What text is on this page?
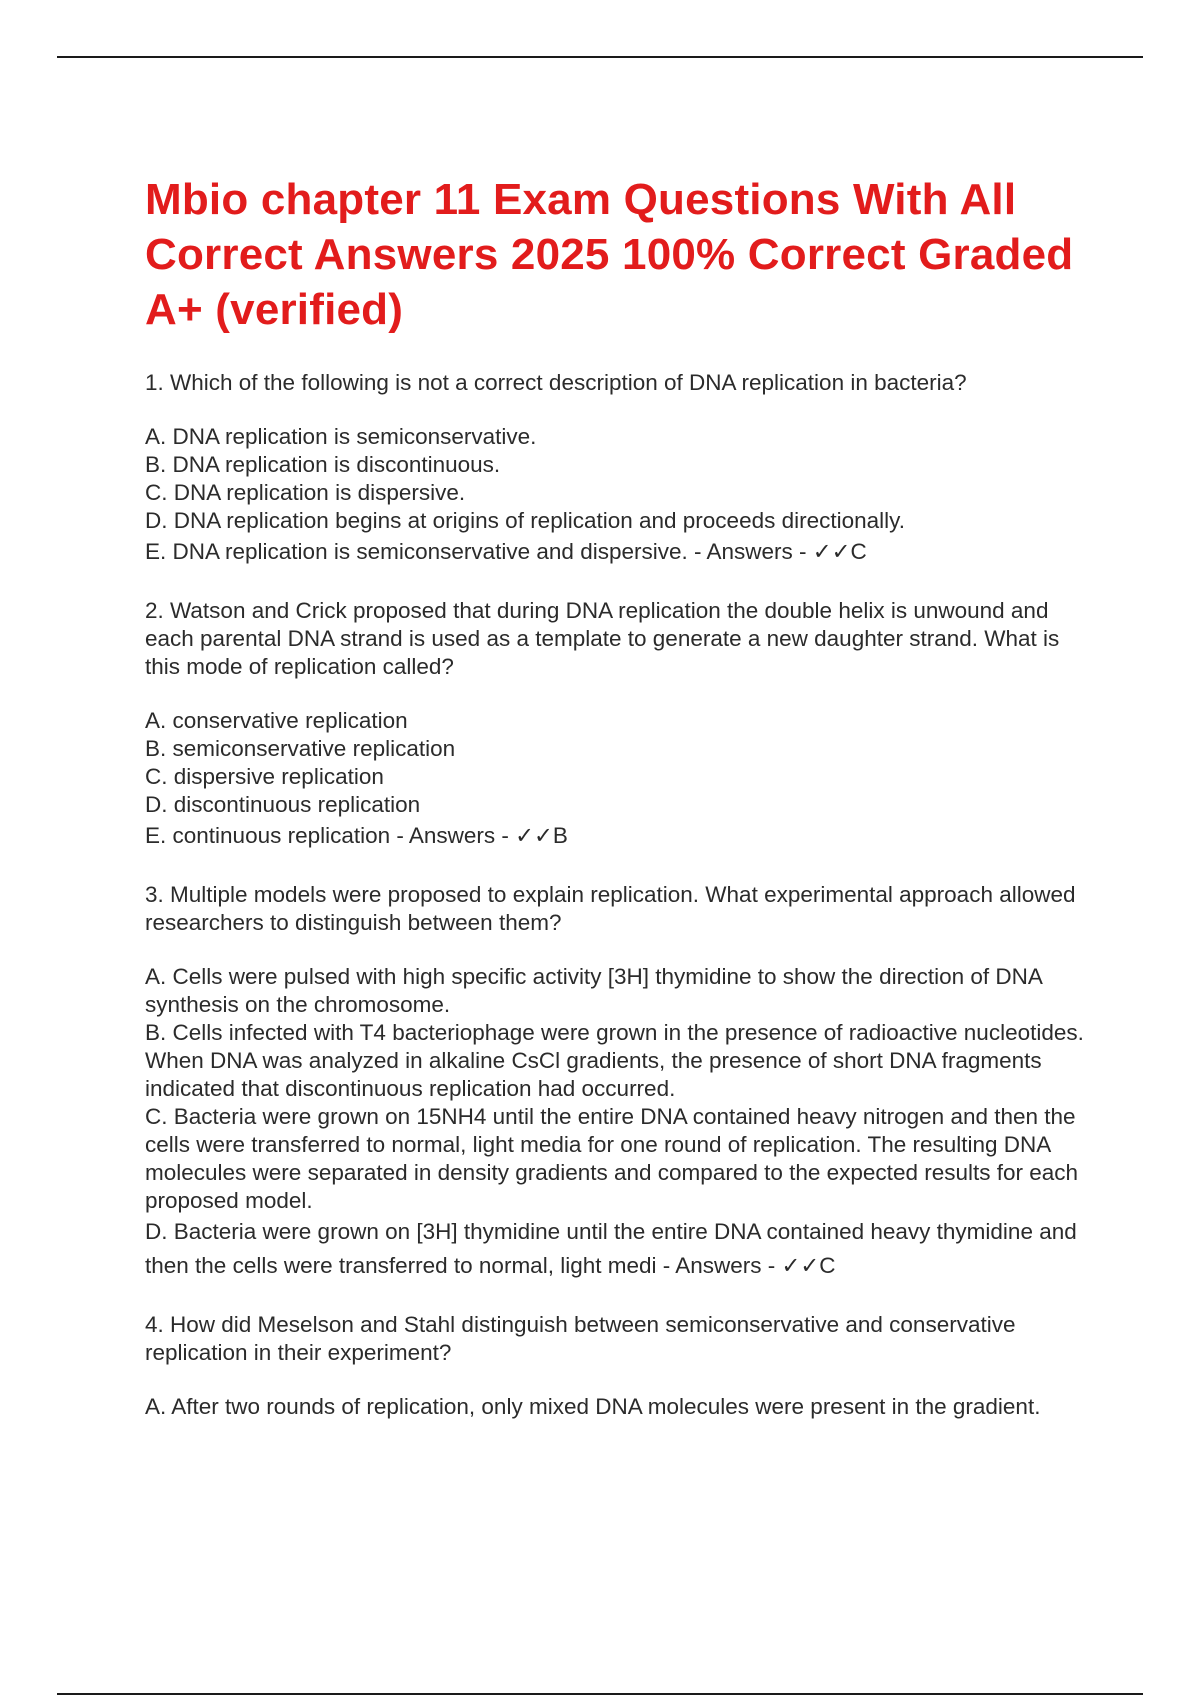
Mbio chapter 11 Exam Questions With All Correct Answers 2025 100% Correct Graded A+ (verified)

1. Which of the following is not a correct description of DNA replication in bacteria?

A. DNA replication is semiconservative.

B. DNA replication is discontinuous.

C. DNA replication is dispersive.

D. DNA replication begins at origins of replication and proceeds directionally.

E. DNA replication is semiconservative and dispersive. - Answers - ✓✓C

2. Watson and Crick proposed that during DNA replication the double helix is unwound and each parental DNA strand is used as a template to generate a new daughter strand. What is this mode of replication called?

A. conservative replication

B. semiconservative replication

C. dispersive replication

D. discontinuous replication

E. continuous replication - Answers - ✓✓B

3. Multiple models were proposed to explain replication. What experimental approach allowed researchers to distinguish between them?

A. Cells were pulsed with high specific activity [3H] thymidine to show the direction of DNA synthesis on the chromosome.

B. Cells infected with T4 bacteriophage were grown in the presence of radioactive nucleotides. When DNA was analyzed in alkaline CsCl gradients, the presence of short DNA fragments indicated that discontinuous replication had occurred.

C. Bacteria were grown on 15NH4 until the entire DNA contained heavy nitrogen and then the cells were transferred to normal, light media for one round of replication. The resulting DNA molecules were separated in density gradients and compared to the expected results for each proposed model.

D. Bacteria were grown on [3H] thymidine until the entire DNA contained heavy thymidine and then the cells were transferred to normal, light medi - Answers - ✓✓C

4. How did Meselson and Stahl distinguish between semiconservative and conservative replication in their experiment?

A. After two rounds of replication, only mixed DNA molecules were present in the gradient.
